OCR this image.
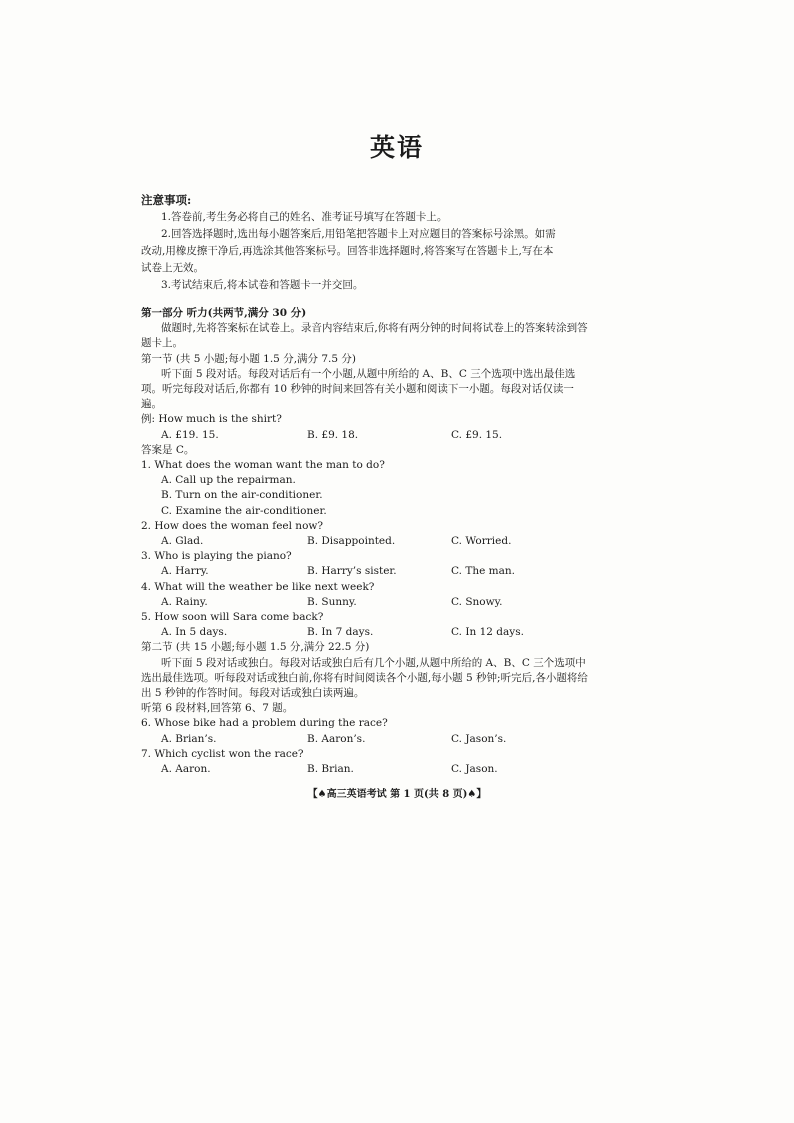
英语
注意事项:
1.答卷前,考生务必将自己的姓名、准考证号填写在答题卡上。
2.回答选择题时,选出每小题答案后,用铅笔把答题卡上对应题目的答案标号涂黑。如需改动,用橡皮擦干净后,再选涂其他答案标号。回答非选择题时,将答案写在答题卡上,写在本试卷上无效。
3.考试结束后,将本试卷和答题卡一并交回。
第一部分 听力(共两节,满分 30 分)
做题时,先将答案标在试卷上。录音内容结束后,你将有两分钟的时间将试卷上的答案转涂到答题卡上。
第一节 (共 5 小题;每小题 1.5 分,满分 7.5 分)
听下面 5 段对话。每段对话后有一个小题,从题中所给的 A、B、C 三个选项中选出最佳选项。听完每段对话后,你都有 10 秒钟的时间来回答有关小题和阅读下一小题。每段对话仅读一遍。
例: How much is the shirt?
A. £19. 15.	B. £9. 18.	C. £9. 15.
答案是 C。
1. What does the woman want the man to do?
A. Call up the repairman.
B. Turn on the air-conditioner.
C. Examine the air-conditioner.
2. How does the woman feel now?
A. Glad.	B. Disappointed.	C. Worried.
3. Who is playing the piano?
A. Harry.	B. Harry’s sister.	C. The man.
4. What will the weather be like next week?
A. Rainy.	B. Sunny.	C. Snowy.
5. How soon will Sara come back?
A. In 5 days.	B. In 7 days.	C. In 12 days.
第二节 (共 15 小题;每小题 1.5 分,满分 22.5 分)
听下面 5 段对话或独白。每段对话或独白后有几个小题,从题中所给的 A、B、C 三个选项中选出最佳选项。听每段对话或独白前,你将有时间阅读各个小题,每小题 5 秒钟;听完后,各小题将给出 5 秒钟的作答时间。每段对话或独白读两遍。
听第 6 段材料,回答第 6、7 题。
6. Whose bike had a problem during the race?
A. Brian’s.	B. Aaron’s.	C. Jason’s.
7. Which cyclist won the race?
A. Aaron.	B. Brian.	C. Jason.
【♠高三英语考试 第 1 页(共 8 页)♠】
